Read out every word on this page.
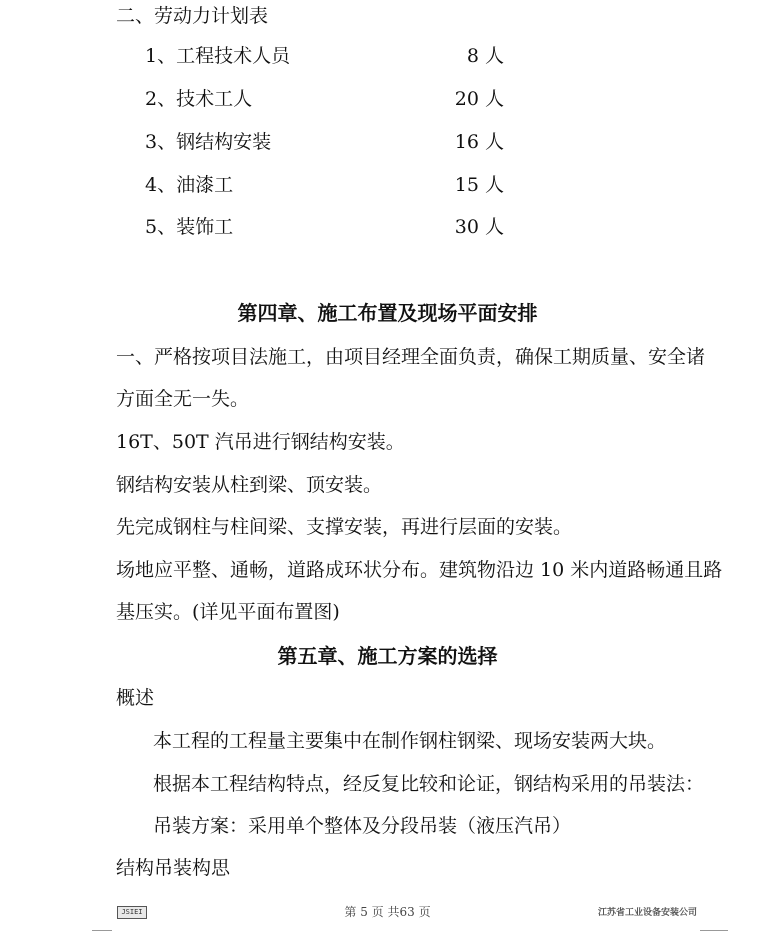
二、劳动力计划表
1、工程技术人员	8 人
2、技术工人	20 人
3、钢结构安装	16 人
4、油漆工	15 人
5、装饰工	30 人
第四章、施工布置及现场平面安排
一、严格按项目法施工，由项目经理全面负责，确保工期质量、安全诸
方面全无一失。
16T、50T 汽吊进行钢结构安装。
钢结构安装从柱到梁、顶安装。
先完成钢柱与柱间梁、支撑安装，再进行层面的安装。
场地应平整、通畅，道路成环状分布。建筑物沿边 10 米内道路畅通且路
基压实。(详见平面布置图)
第五章、施工方案的选择
概述
本工程的工程量主要集中在制作钢柱钢梁、现场安装两大块。
根据本工程结构特点，经反复比较和论证，钢结构采用的吊装法：
吊装方案：采用单个整体及分段吊装（液压汽吊）
结构吊装构思
JSIEI	第 5 页 共63 页	江苏省工业设备安装公司
